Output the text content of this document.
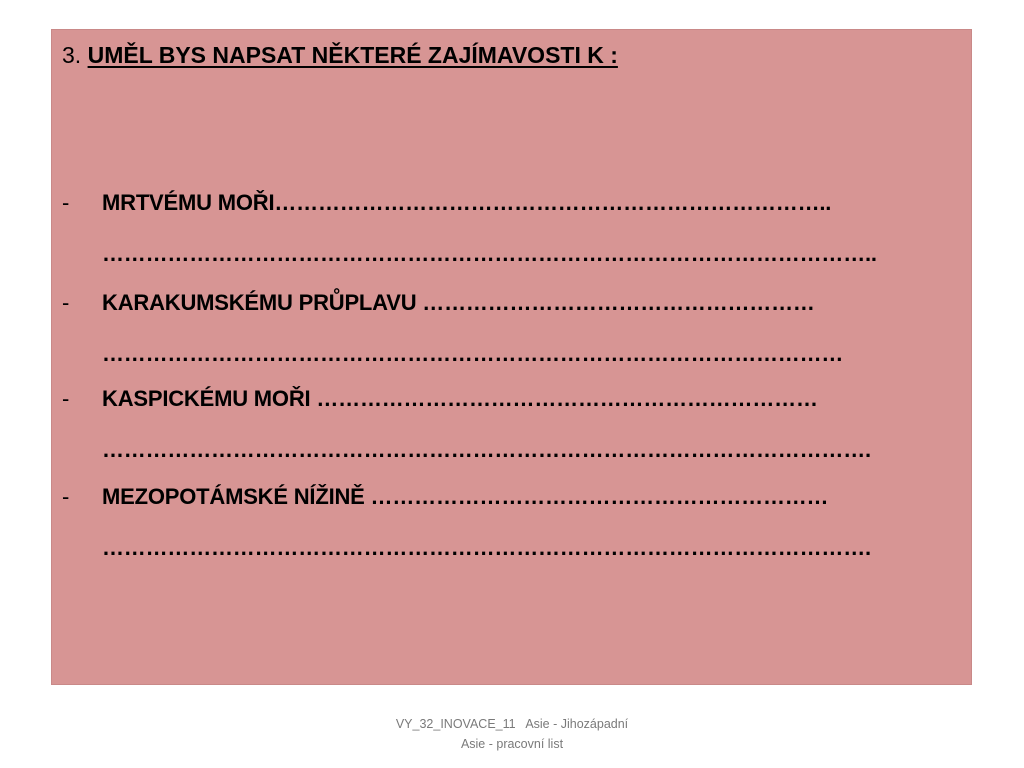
3. UMĚL BYS NAPSAT NĚKTERÉ ZAJÍMAVOSTI K :
- MRTVÉMU MOŘI…………………………………………………………………..
……………………………………………………………………………………………..
- KARAKUMSKÉMU PRŮPLAVU ………………………………………………
…………………………………………………………………………………………
- KASPICKÉMU MOŘI ……………………………………………………………
…………………………………………………………………………………………….
- MEZOPOTÁMSKÉ NÍŽINĚ ………………………………………………………
…………………………………………………………………………………………….
VY_32_INOVACE_11   Asie - Jihozápadní
Asie - pracovní list
